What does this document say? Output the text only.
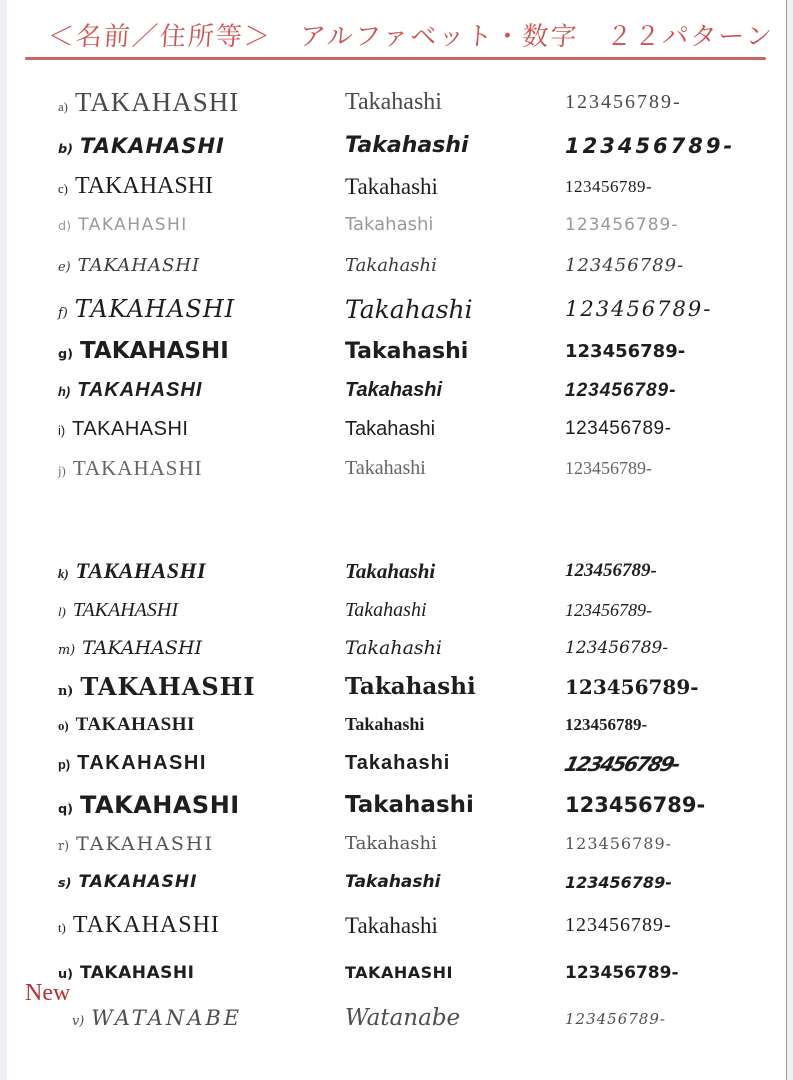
＜名前／住所等＞　アルファベット・数字　２２パターン
a) TAKAHASHI	Takahashi	123456789-
b) TAKAHASHI	Takahashi	123456789-
c) TAKAHASHI	Takahashi	123456789-
d) TAKAHASHI	Takahashi	123456789-
e) TAKAHASHI	Takahashi	123456789-
f) TAKAHASHI	Takahashi	123456789-
g) TAKAHASHI	Takahashi	123456789-
h) TAKAHASHI	Takahashi	123456789-
i) TAKAHASHI	Takahashi	123456789-
j) TAKAHASHI	Takahashi	123456789-
k) TAKAHASHI	Takahashi	123456789-
l) TAKAHASHI	Takahashi	123456789-
m) TAKAHASHI	Takahashi	123456789-
n) TAKAHASHI	Takahashi	123456789-
o) TAKAHASHI	Takahashi	123456789-
p) TAKAHASHI	Takahashi	123456789-
q) TAKAHASHI	Takahashi	123456789-
r) TAKAHASHI	Takahashi	123456789-
s) TAKAHASHI	Takahashi	123456789-
t) TAKAHASHI	Takahashi	123456789-
u) TAKAHASHI	TAKAHASHI	123456789-
New
v) WATANABE	Watanabe	123456789-
